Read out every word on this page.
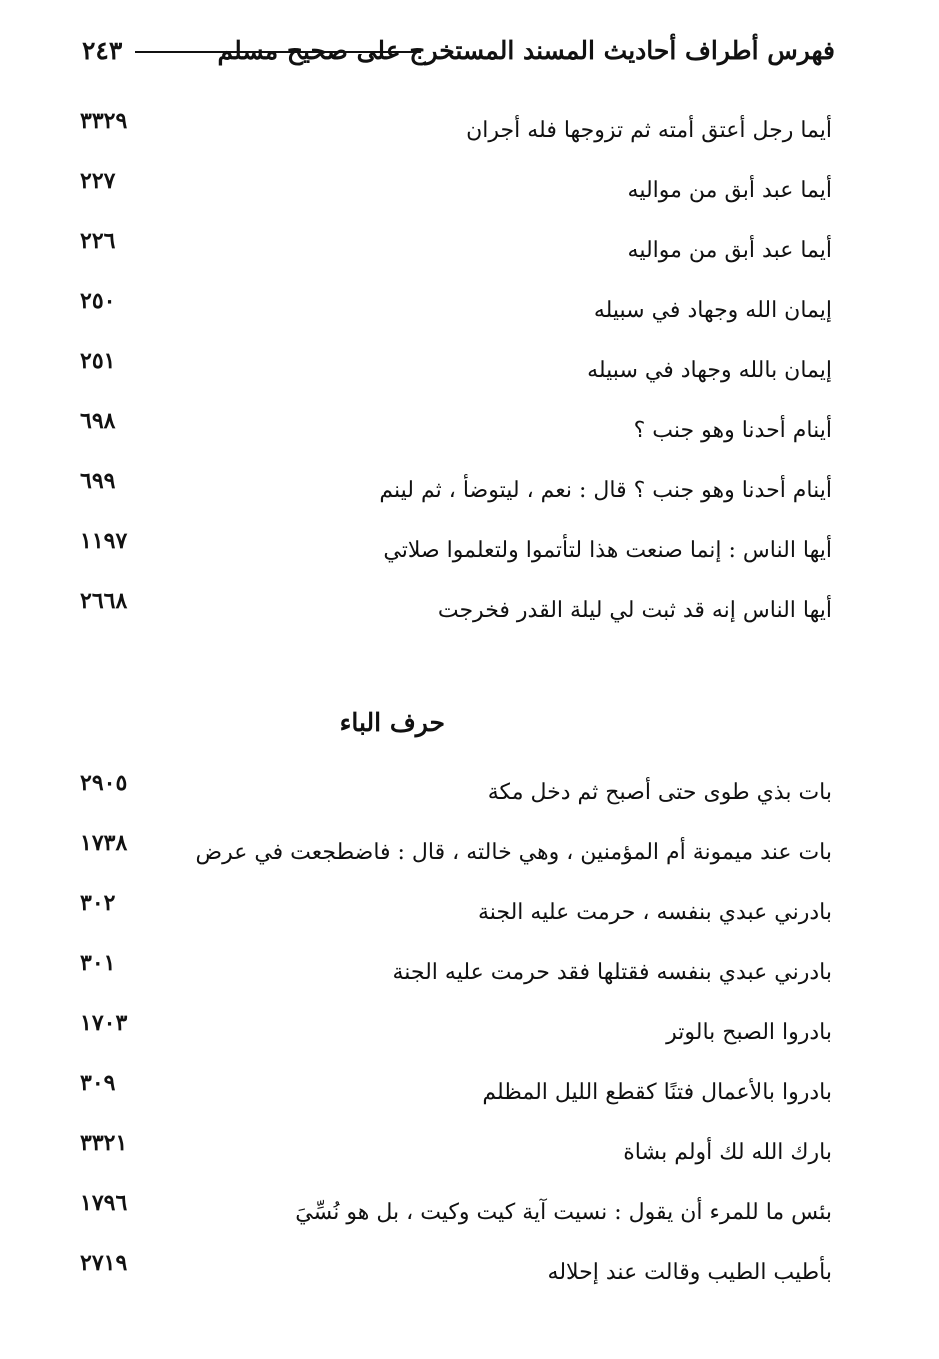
فهرس أطراف أحاديث المسند المستخرج على صحيح مسلم
٢٤٣
أيما رجل أعتق أمته ثم تزوجها فله أجران
٣٣٢٩
أيما عبد أبق من مواليه
٢٢٧
أيما عبد أبق من مواليه
٢٢٦
إيمان الله وجهاد في سبيله
٢٥٠
إيمان بالله وجهاد في سبيله
٢٥١
أينام أحدنا وهو جنب ؟
٦٩٨
أينام أحدنا وهو جنب ؟ قال : نعم ، ليتوضأ ، ثم لينم
٦٩٩
أيها الناس : إنما صنعت هذا لتأتموا ولتعلموا صلاتي
١١٩٧
أيها الناس إنه قد ثبت لي ليلة القدر فخرجت
٢٦٦٨
حرف الباء
بات بذي طوى حتى أصبح ثم دخل مكة
٢٩٠٥
بات عند ميمونة أم المؤمنين ، وهي خالته ، قال : فاضطجعت في عرض
١٧٣٨
بادرني عبدي بنفسه ، حرمت عليه الجنة
٣٠٢
بادرني عبدي بنفسه فقتلها فقد حرمت عليه الجنة
٣٠١
بادروا الصبح بالوتر
١٧٠٣
بادروا بالأعمال فتنًا كقطع الليل المظلم
٣٠٩
بارك الله لك أولم بشاة
٣٣٢١
بئس ما للمرء أن يقول : نسيت آية كيت وكيت ، بل هو نُسِّيَ
١٧٩٦
بأطيب الطيب وقالت عند إحلاله
٢٧١٩
